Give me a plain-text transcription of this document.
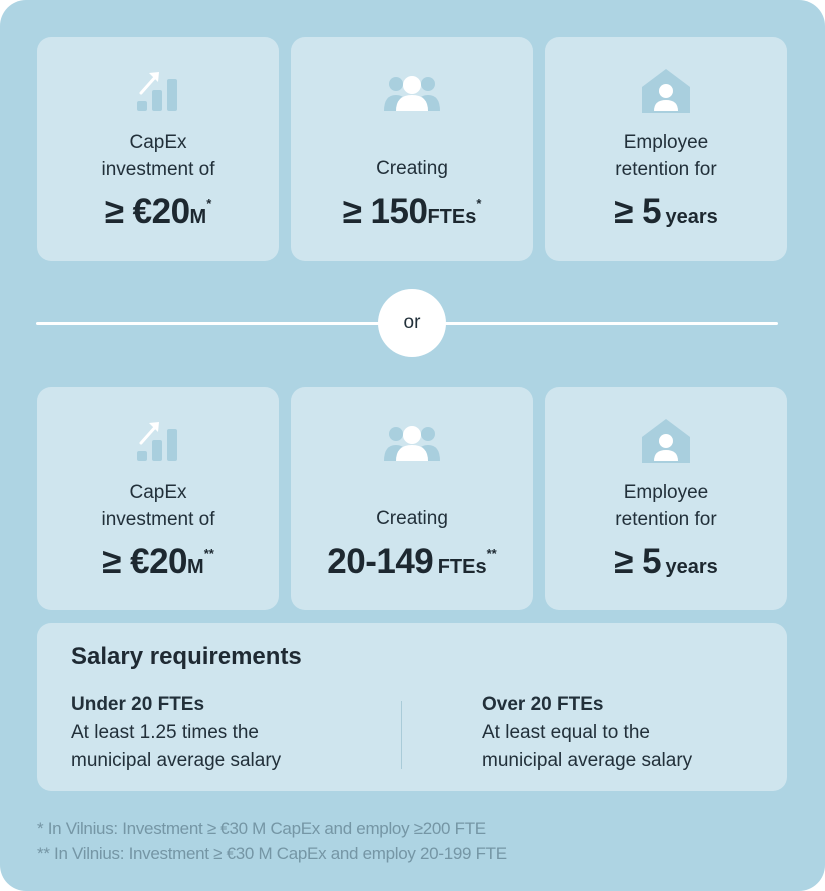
CapEx
investment of
≥ €20M*
Creating
≥ 150FTEs*
Employee
retention for
≥ 5 years
or
CapEx
investment of
≥ €20M**
Creating
20-149 FTEs**
Employee
retention for
≥ 5 years
Salary requirements
Under 20 FTEs
At least 1.25 times the
municipal average salary
Over 20 FTEs
At least equal to the
municipal average salary
* In Vilnius: Investment ≥ €30 M CapEx and employ ≥200 FTE
** In Vilnius: Investment ≥ €30 M CapEx and employ 20-199 FTE
